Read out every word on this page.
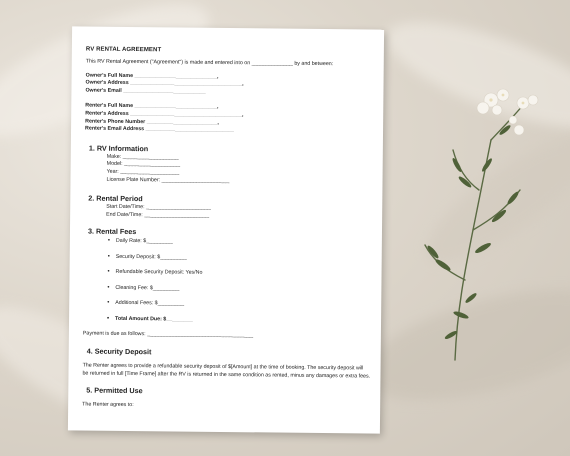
RV RENTAL AGREEMENT
This RV Rental Agreement ("Agreement") is made and entered into on ______________ by and between:
Owner's Full Name ____________________________,
Owner's Address ______________________________________,
Owner's Email ____________________________
Renter's Full Name ____________________________,
Renter's Address ______________________________________,
Renter's Phone Number ________________________,
Renter's Email Address ______________________________
1. RV Information
Make: ___________________
Model: ___________________
Year: ____________________
License Plate Number: _______________________
2. Rental Period
Start Date/Time: ______________________
End Date/Time: ______________________
3. Rental Fees
• Daily Rate: $_________
• Security Deposit: $_________
• Refundable Security Deposit: Yes/No
• Cleaning Fee: $_________
• Additional Fees: $_________
• Total Amount Due: $_________
Payment is due as follows: ____________________________________
4. Security Deposit
The Renter agrees to provide a refundable security deposit of $[Amount] at the time of booking. The security deposit will be returned in full [Time Frame] after the RV is returned in the same condition as rented, minus any damages or extra fees.
5. Permitted Use
The Renter agrees to:
